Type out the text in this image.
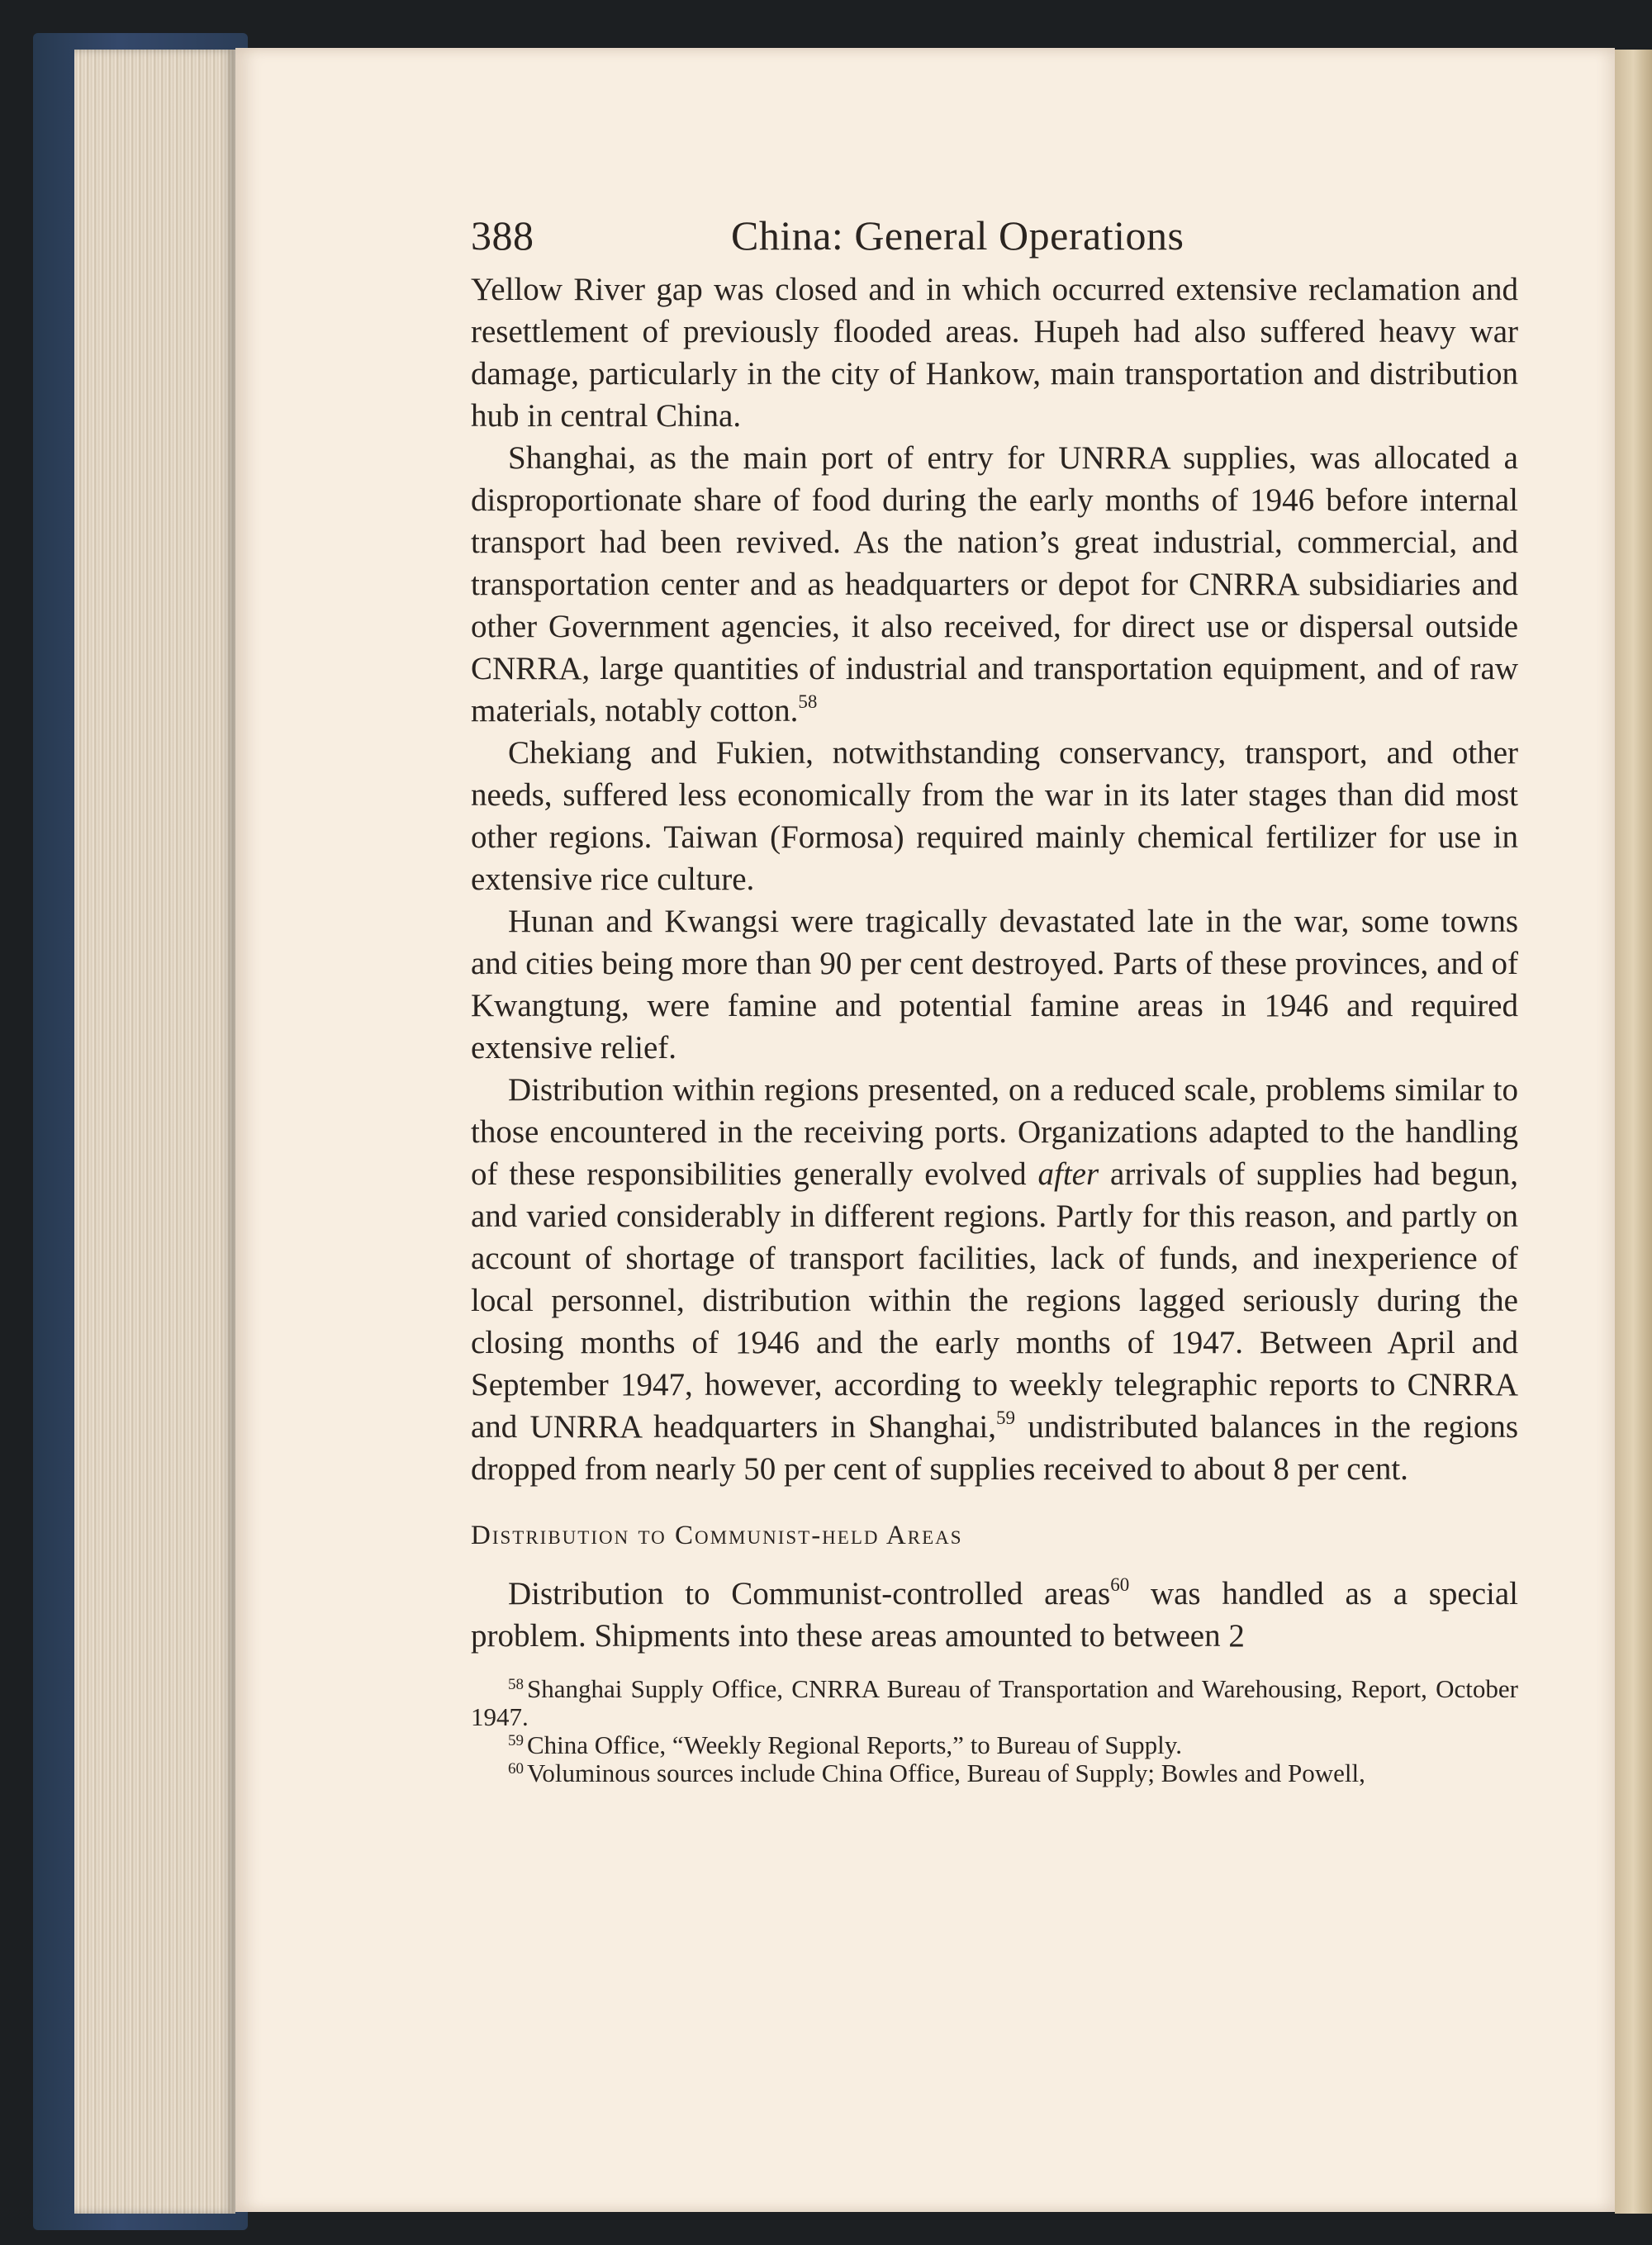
388	China: General Operations

Yellow River gap was closed and in which occurred extensive reclamation and resettlement of previously flooded areas. Hupeh had also suffered heavy war damage, particularly in the city of Hankow, main transportation and distribution hub in central China.

Shanghai, as the main port of entry for UNRRA supplies, was allocated a disproportionate share of food during the early months of 1946 before internal transport had been revived. As the nation’s great industrial, commercial, and transportation center and as headquarters or depot for CNRRA subsidiaries and other Government agencies, it also received, for direct use or dispersal outside CNRRA, large quantities of industrial and transportation equipment, and of raw materials, notably cotton.$^{58}$

Chekiang and Fukien, notwithstanding conservancy, transport, and other needs, suffered less economically from the war in its later stages than did most other regions. Taiwan (Formosa) required mainly chemical fertilizer for use in extensive rice culture.

Hunan and Kwangsi were tragically devastated late in the war, some towns and cities being more than 90 per cent destroyed. Parts of these provinces, and of Kwangtung, were famine and potential famine areas in 1946 and required extensive relief.

Distribution within regions presented, on a reduced scale, problems similar to those encountered in the receiving ports. Organizations adapted to the handling of these responsibilities generally evolved after arrivals of supplies had begun, and varied considerably in different regions. Partly for this reason, and partly on account of shortage of transport facilities, lack of funds, and inexperience of local personnel, distribution within the regions lagged seriously during the closing months of 1946 and the early months of 1947. Between April and September 1947, however, according to weekly telegraphic reports to CNRRA and UNRRA headquarters in Shanghai,$^{59}$ undistributed balances in the regions dropped from nearly 50 per cent of supplies received to about 8 per cent.

Distribution to Communist-held Areas

Distribution to Communist-controlled areas$^{60}$ was handled as a special problem. Shipments into these areas amounted to between 2

$^{58}$ Shanghai Supply Office, CNRRA Bureau of Transportation and Warehousing, Report, October 1947.

$^{59}$ China Office, “Weekly Regional Reports,” to Bureau of Supply.

$^{60}$ Voluminous sources include China Office, Bureau of Supply; Bowles and Powell,
